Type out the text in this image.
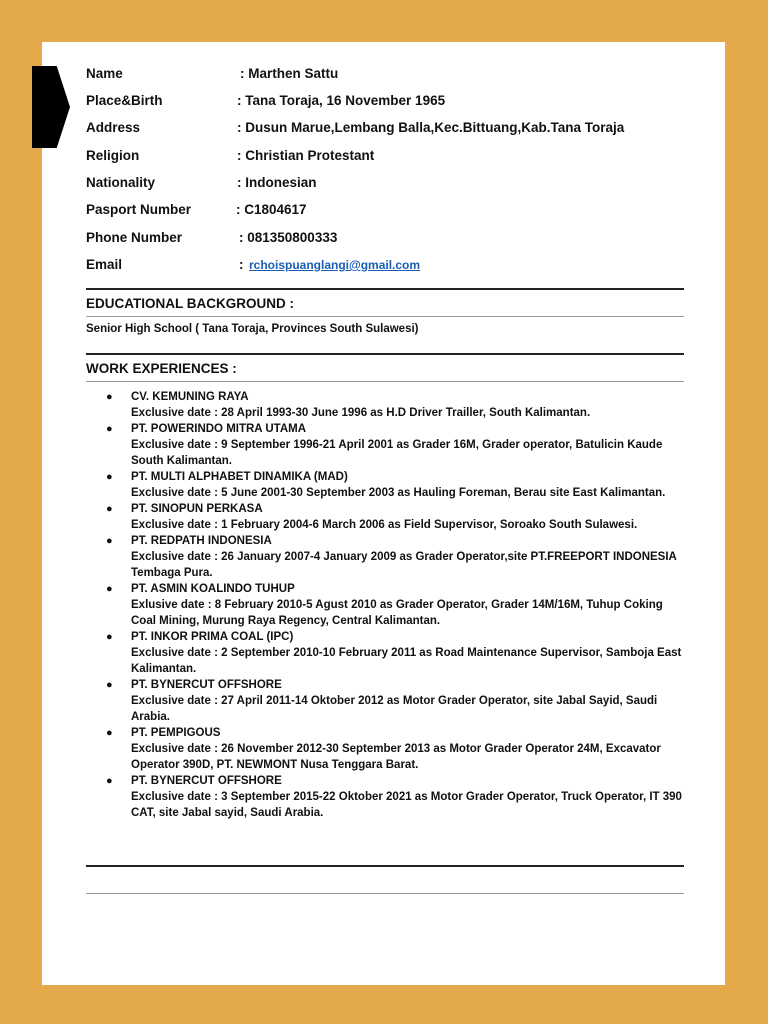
Name	: Marthen Sattu
Place&Birth	: Tana Toraja, 16 November 1965
Address	: Dusun Marue,Lembang Balla,Kec.Bittuang,Kab.Tana Toraja
Religion	: Christian Protestant
Nationality	: Indonesian
Pasport Number	: C1804617
Phone Number	: 081350800333
Email	: rchoispuanglangi@gmail.com
EDUCATIONAL BACKGROUND :
Senior High School ( Tana Toraja, Provinces South Sulawesi)
WORK EXPERIENCES :
● CV. KEMUNING RAYA
Exclusive date : 28 April 1993-30 June 1996 as H.D Driver Trailler, South Kalimantan.
● PT. POWERINDO MITRA UTAMA
Exclusive date : 9 September 1996-21 April 2001 as Grader 16M, Grader operator, Batulicin Kaude South Kalimantan.
● PT. MULTI ALPHABET DINAMIKA (MAD)
Exclusive date : 5 June 2001-30 September 2003 as Hauling Foreman, Berau site East Kalimantan.
● PT. SINOPUN PERKASA
Exclusive date : 1 February 2004-6 March 2006 as Field Supervisor, Soroako South Sulawesi.
● PT. REDPATH INDONESIA
Exclusive date : 26 January 2007-4 January 2009 as Grader Operator,site PT.FREEPORT INDONESIA Tembaga Pura.
● PT. ASMIN KOALINDO TUHUP
Exlusive date : 8 February 2010-5 Agust 2010 as Grader Operator, Grader 14M/16M, Tuhup Coking Coal Mining, Murung Raya Regency, Central Kalimantan.
● PT. INKOR PRIMA COAL (IPC)
Exclusive date : 2 September 2010-10 February 2011 as Road Maintenance Supervisor, Samboja East Kalimantan.
● PT. BYNERCUT OFFSHORE
Exclusive date : 27 April 2011-14 Oktober 2012 as Motor Grader Operator, site Jabal Sayid, Saudi Arabia.
● PT. PEMPIGOUS
Exclusive date : 26 November 2012-30 September 2013 as Motor Grader Operator 24M, Excavator Operator 390D, PT. NEWMONT Nusa Tenggara Barat.
● PT. BYNERCUT OFFSHORE
Exclusive date : 3 September 2015-22 Oktober 2021 as Motor Grader Operator, Truck Operator, IT 390 CAT, site Jabal sayid, Saudi Arabia.
